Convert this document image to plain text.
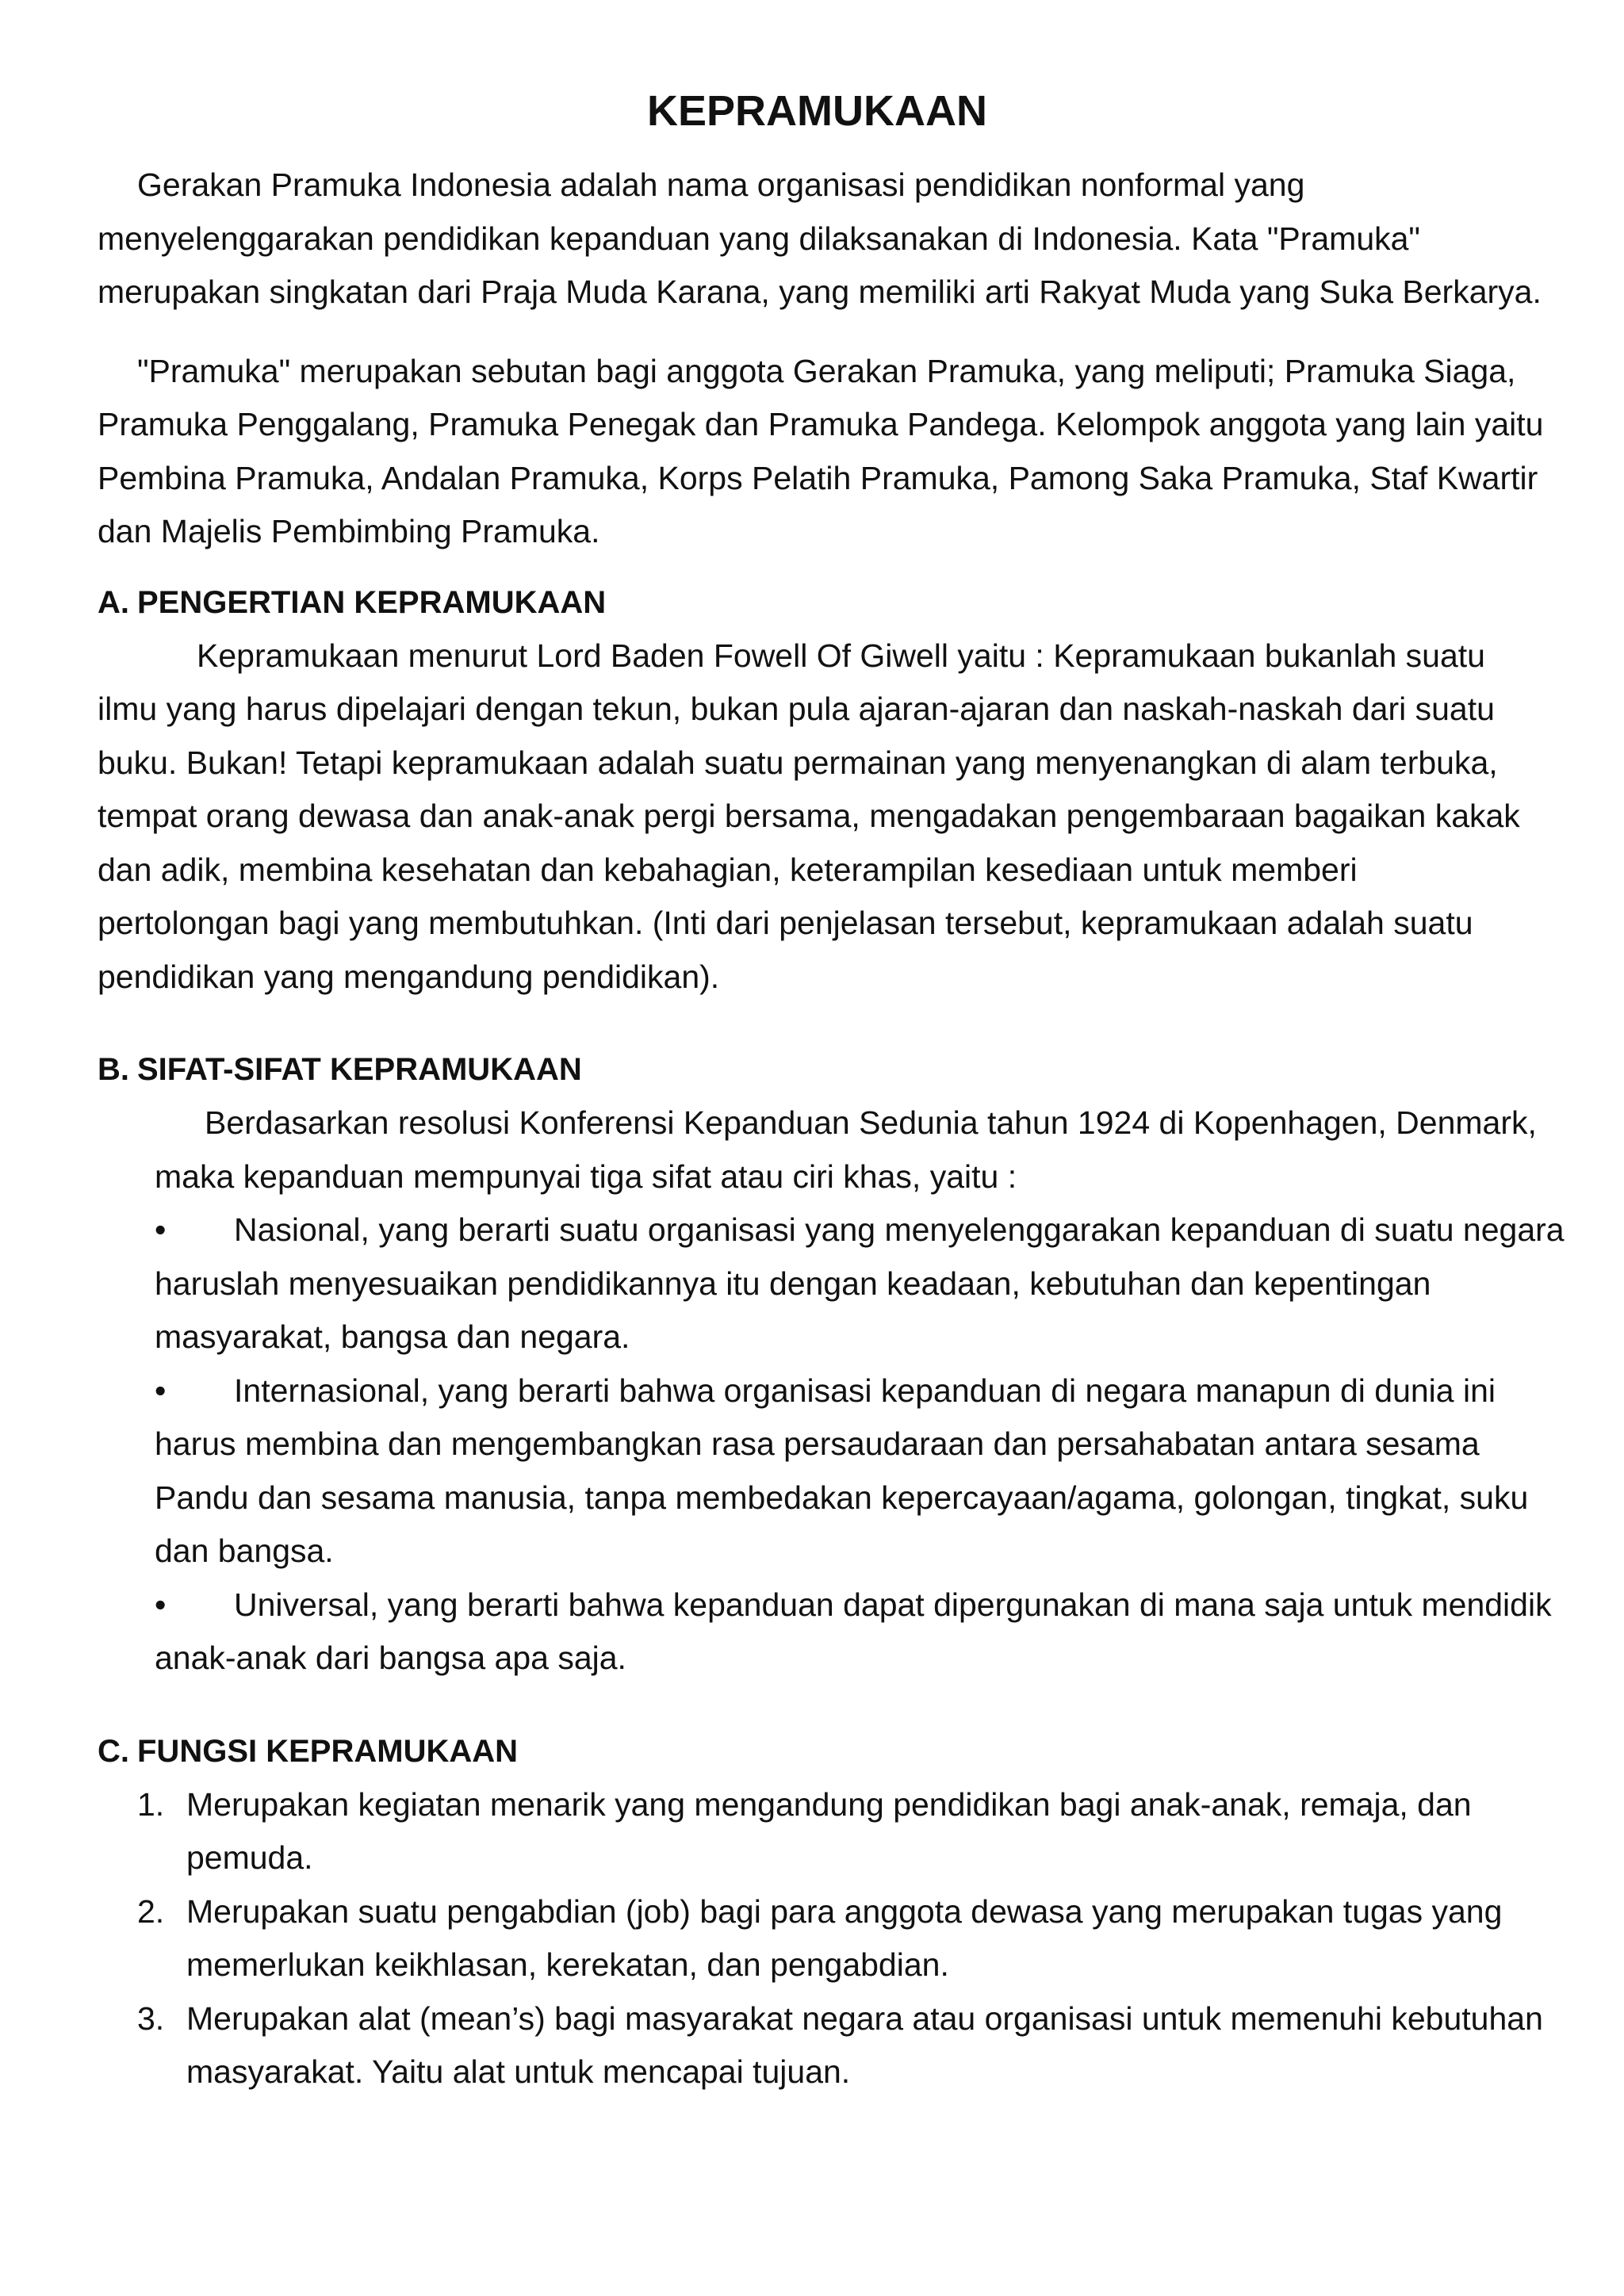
KEPRAMUKAAN

Gerakan Pramuka Indonesia adalah nama organisasi pendidikan nonformal yang menyelenggarakan pendidikan kepanduan yang dilaksanakan di Indonesia. Kata "Pramuka" merupakan singkatan dari Praja Muda Karana, yang memiliki arti Rakyat Muda yang Suka Berkarya.

"Pramuka" merupakan sebutan bagi anggota Gerakan Pramuka, yang meliputi; Pramuka Siaga, Pramuka Penggalang, Pramuka Penegak dan Pramuka Pandega. Kelompok anggota yang lain yaitu Pembina Pramuka, Andalan Pramuka, Korps Pelatih Pramuka, Pamong Saka Pramuka, Staf Kwartir dan Majelis Pembimbing Pramuka.

A. PENGERTIAN KEPRAMUKAAN

Kepramukaan menurut Lord Baden Fowell Of Giwell yaitu : Kepramukaan bukanlah suatu ilmu yang harus dipelajari dengan tekun, bukan pula ajaran-ajaran dan naskah-naskah dari suatu buku. Bukan! Tetapi kepramukaan adalah suatu permainan yang menyenangkan di alam terbuka, tempat orang dewasa dan anak-anak pergi bersama, mengadakan pengembaraan bagaikan kakak dan adik, membina kesehatan dan kebahagian, keterampilan kesediaan untuk memberi pertolongan bagi yang membutuhkan. (Inti dari penjelasan tersebut, kepramukaan adalah suatu pendidikan yang mengandung pendidikan).

B. SIFAT-SIFAT KEPRAMUKAAN

Berdasarkan resolusi Konferensi Kepanduan Sedunia tahun 1924 di Kopenhagen, Denmark, maka kepanduan mempunyai tiga sifat atau ciri khas, yaitu :

• Nasional, yang berarti suatu organisasi yang menyelenggarakan kepanduan di suatu negara haruslah menyesuaikan pendidikannya itu dengan keadaan, kebutuhan dan kepentingan masyarakat, bangsa dan negara.

• Internasional, yang berarti bahwa organisasi kepanduan di negara manapun di dunia ini harus membina dan mengembangkan rasa persaudaraan dan persahabatan antara sesama Pandu dan sesama manusia, tanpa membedakan kepercayaan/agama, golongan, tingkat, suku dan bangsa.

• Universal, yang berarti bahwa kepanduan dapat dipergunakan di mana saja untuk mendidik anak-anak dari bangsa apa saja.

C. FUNGSI KEPRAMUKAAN
1. Merupakan kegiatan menarik yang mengandung pendidikan bagi anak-anak, remaja, dan pemuda.
2. Merupakan suatu pengabdian (job) bagi para anggota dewasa yang merupakan tugas yang memerlukan keikhlasan, kerekatan, dan pengabdian.
3. Merupakan alat (mean’s) bagi masyarakat negara atau organisasi untuk memenuhi kebutuhan masyarakat. Yaitu alat untuk mencapai tujuan.
